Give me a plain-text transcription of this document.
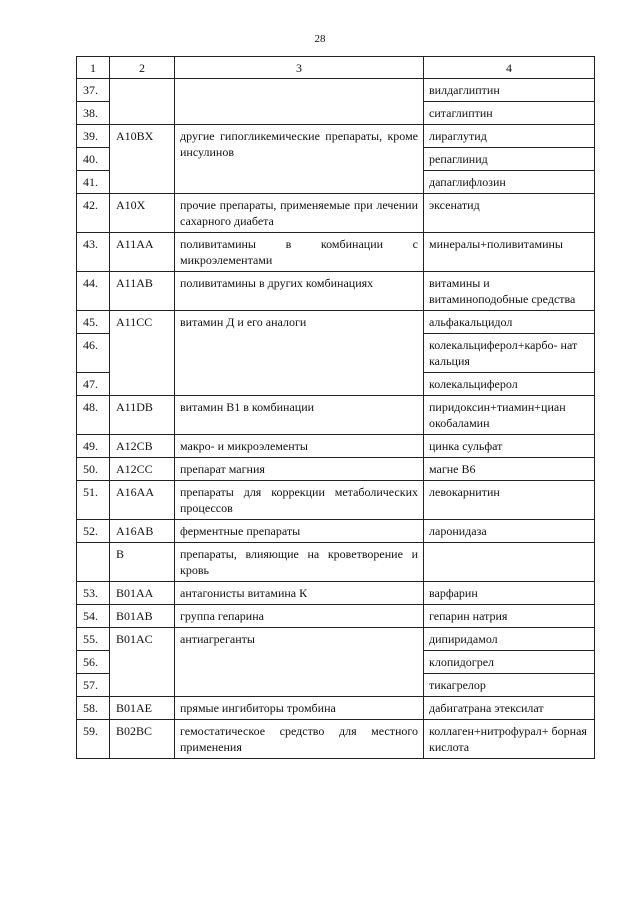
28
1	2	3	4
37.			вилдаглиптин
38.			ситаглиптин
39.	A10BX	другие гипогликемические препараты, кроме инсулинов	лираглутид
40.			репаглинид
41.			дапаглифлозин
42.	A10X	прочие препараты, применяемые при лечении сахарного диабета	эксенатид
43.	A11AA	поливитамины в комбинации с микроэлементами	минералы+поливитамины
44.	A11AB	поливитамины в других комбинациях	витамины и витаминоподобные средства
45.	A11CC	витамин Д и его аналоги	альфакальцидол
46.			колекальциферол+карбо- нат кальция
47.			колекальциферол
48.	A11DB	витамин B1 в комбинации	пиридоксин+тиамин+циан окобаламин
49.	A12CB	макро- и микроэлементы	цинка сульфат
50.	A12CC	препарат магния	магне B6
51.	A16AA	препараты для коррекции метаболических процессов	левокарнитин
52.	A16AB	ферментные препараты	ларонидаза
	B	препараты, влияющие на кроветворение и кровь	
53.	B01AA	антагонисты витамина К	варфарин
54.	B01AB	группа гепарина	гепарин натрия
55.	B01AC	антиагреганты	дипиридамол
56.			клопидогрел
57.			тикагрелор
58.	B01AE	прямые ингибиторы тромбина	дабигатрана этексилат
59.	B02BC	гемостатическое средство для местного применения	коллаген+нитрофурал+ борная кислота
